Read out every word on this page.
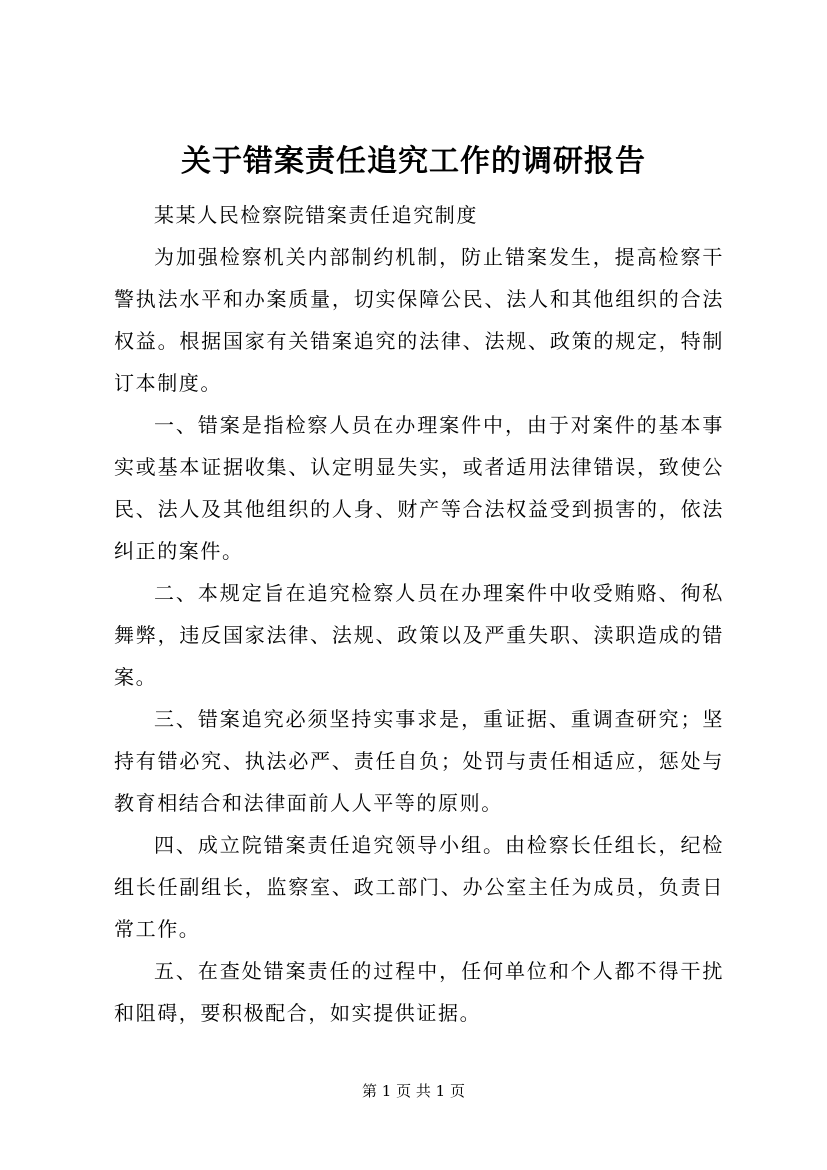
关于错案责任追究工作的调研报告

某某人民检察院错案责任追究制度

为加强检察机关内部制约机制，防止错案发生，提高检察干警执法水平和办案质量，切实保障公民、法人和其他组织的合法权益。根据国家有关错案追究的法律、法规、政策的规定，特制订本制度。

一、错案是指检察人员在办理案件中，由于对案件的基本事实或基本证据收集、认定明显失实，或者适用法律错误，致使公民、法人及其他组织的人身、财产等合法权益受到损害的，依法纠正的案件。

二、本规定旨在追究检察人员在办理案件中收受贿赂、徇私舞弊，违反国家法律、法规、政策以及严重失职、渎职造成的错案。

三、错案追究必须坚持实事求是，重证据、重调查研究；坚持有错必究、执法必严、责任自负；处罚与责任相适应，惩处与教育相结合和法律面前人人平等的原则。

四、成立院错案责任追究领导小组。由检察长任组长，纪检组长任副组长，监察室、政工部门、办公室主任为成员，负责日常工作。

五、在查处错案责任的过程中，任何单位和个人都不得干扰和阻碍，要积极配合，如实提供证据。

第 1 页 共 1 页
